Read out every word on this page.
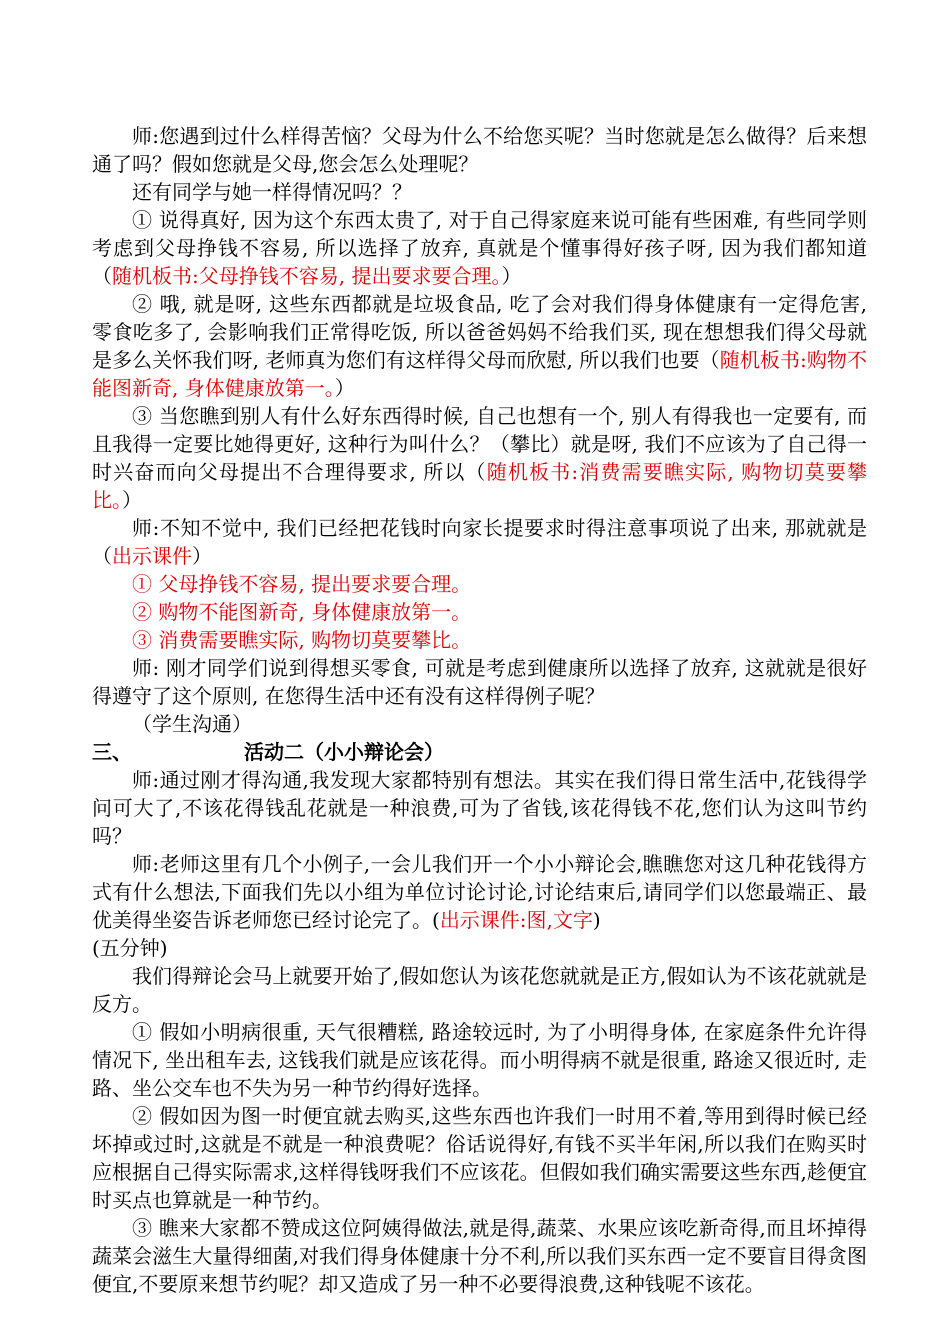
师:您遇到过什么样得苦恼？父母为什么不给您买呢？当时您就是怎么做得？后来想通了吗？假如您就是父母,您会怎么处理呢？

还有同学与她一样得情况吗？？

① 说得真好, 因为这个东西太贵了, 对于自己得家庭来说可能有些困难, 有些同学则考虑到父母挣钱不容易, 所以选择了放弃, 真就是个懂事得好孩子呀, 因为我们都知道（随机板书:父母挣钱不容易, 提出要求要合理。）

② 哦, 就是呀, 这些东西都就是垃圾食品, 吃了会对我们得身体健康有一定得危害, 零食吃多了, 会影响我们正常得吃饭, 所以爸爸妈妈不给我们买, 现在想想我们得父母就是多么关怀我们呀, 老师真为您们有这样得父母而欣慰, 所以我们也要（随机板书:购物不能图新奇, 身体健康放第一。）

③ 当您瞧到别人有什么好东西得时候, 自己也想有一个, 别人有得我也一定要有, 而且我得一定要比她得更好, 这种行为叫什么？（攀比）就是呀, 我们不应该为了自己得一时兴奋而向父母提出不合理得要求, 所以（随机板书:消费需要瞧实际, 购物切莫要攀比。）

师:不知不觉中, 我们已经把花钱时向家长提要求时得注意事项说了出来, 那就就是（出示课件）

① 父母挣钱不容易, 提出要求要合理。

② 购物不能图新奇, 身体健康放第一。

③ 消费需要瞧实际, 购物切莫要攀比。

师: 刚才同学们说到得想买零食, 可就是考虑到健康所以选择了放弃, 这就就是很好得遵守了这个原则, 在您得生活中还有没有这样得例子呢？

（学生沟通）

三、	活动二（小小辩论会）

师:通过刚才得沟通,我发现大家都特别有想法。其实在我们得日常生活中,花钱得学问可大了,不该花得钱乱花就是一种浪费,可为了省钱,该花得钱不花,您们认为这叫节约吗？

师:老师这里有几个小例子,一会儿我们开一个小小辩论会,瞧瞧您对这几种花钱得方式有什么想法,下面我们先以小组为单位讨论讨论,讨论结束后,请同学们以您最端正、最优美得坐姿告诉老师您已经讨论完了。(出示课件:图,文字)

(五分钟)

我们得辩论会马上就要开始了,假如您认为该花您就就是正方,假如认为不该花就就是反方。

① 假如小明病很重, 天气很糟糕, 路途较远时, 为了小明得身体, 在家庭条件允许得情况下, 坐出租车去, 这钱我们就是应该花得。而小明得病不就是很重, 路途又很近时, 走路、坐公交车也不失为另一种节约得好选择。

② 假如因为图一时便宜就去购买,这些东西也许我们一时用不着,等用到得时候已经坏掉或过时,这就是不就是一种浪费呢？俗话说得好,有钱不买半年闲,所以我们在购买时应根据自己得实际需求,这样得钱呀我们不应该花。但假如我们确实需要这些东西,趁便宜时买点也算就是一种节约。

③ 瞧来大家都不赞成这位阿姨得做法,就是得,蔬菜、水果应该吃新奇得,而且坏掉得蔬菜会滋生大量得细菌,对我们得身体健康十分不利,所以我们买东西一定不要盲目得贪图便宜,不要原来想节约呢？却又造成了另一种不必要得浪费,这种钱呢不该花。
